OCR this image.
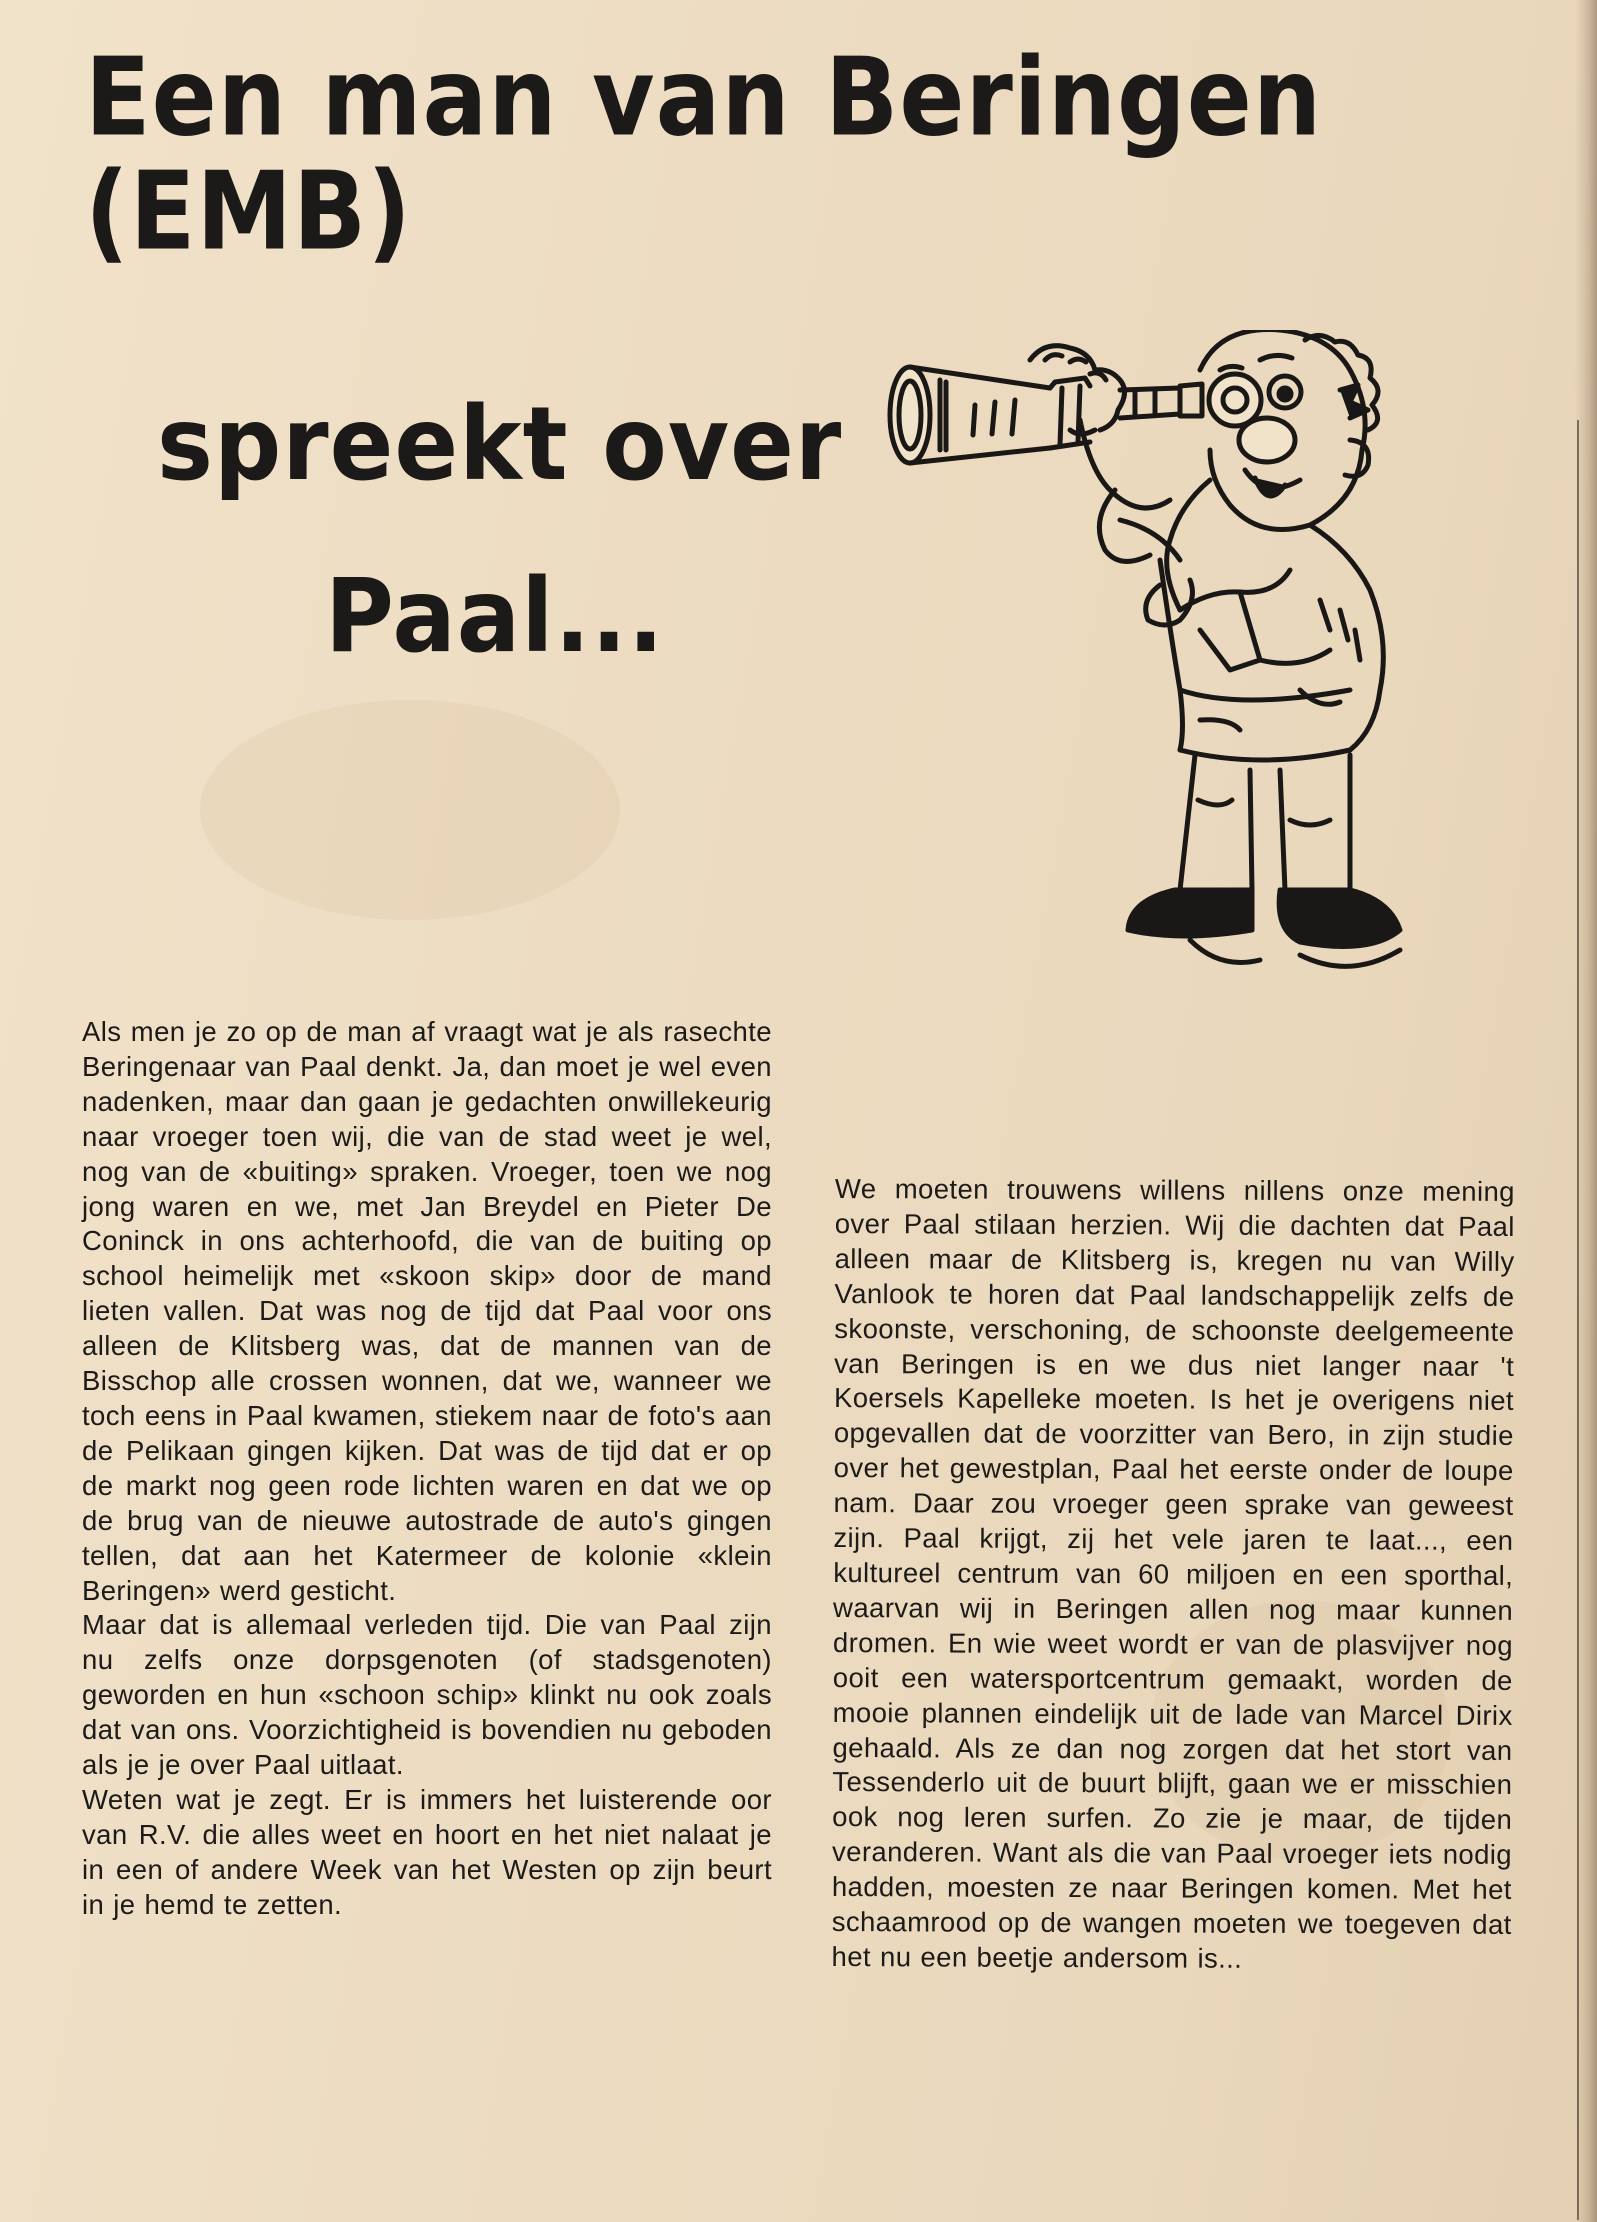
Een man van Beringen
(EMB)
spreekt over
Paal...

Als men je zo op de man af vraagt wat je als rasechte Beringenaar van Paal denkt. Ja, dan moet je wel even nadenken, maar dan gaan je gedachten onwillekeurig naar vroeger toen wij, die van de stad weet je wel, nog van de «buiting» spraken. Vroeger, toen we nog jong waren en we, met Jan Breydel en Pieter De Coninck in ons achterhoofd, die van de buiting op school heimelijk met «skoon skip» door de mand lieten vallen. Dat was nog de tijd dat Paal voor ons alleen de Klitsberg was, dat de mannen van de Bisschop alle crossen wonnen, dat we, wanneer we toch eens in Paal kwamen, stiekem naar de foto's aan de Pelikaan gingen kijken. Dat was de tijd dat er op de markt nog geen rode lichten waren en dat we op de brug van de nieuwe autostrade de auto's gingen tellen, dat aan het Katermeer de kolonie «klein Beringen» werd gesticht.

Maar dat is allemaal verleden tijd. Die van Paal zijn nu zelfs onze dorpsgenoten (of stadsgenoten) geworden en hun «schoon schip» klinkt nu ook zoals dat van ons. Voorzichtigheid is bovendien nu geboden als je je over Paal uitlaat.

Weten wat je zegt. Er is immers het luisterende oor van R.V. die alles weet en hoort en het niet nalaat je in een of andere Week van het Westen op zijn beurt in je hemd te zetten.

We moeten trouwens willens nillens onze mening over Paal stilaan herzien. Wij die dachten dat Paal alleen maar de Klitsberg is, kregen nu van Willy Vanlook te horen dat Paal landschappelijk zelfs de skoonste, verschoning, de schoonste deelgemeente van Beringen is en we dus niet langer naar 't Koersels Kapelleke moeten. Is het je overigens niet opgevallen dat de voorzitter van Bero, in zijn studie over het gewestplan, Paal het eerste onder de loupe nam. Daar zou vroeger geen sprake van geweest zijn. Paal krijgt, zij het vele jaren te laat..., een kultureel centrum van 60 miljoen en een sporthal, waarvan wij in Beringen allen nog maar kunnen dromen. En wie weet wordt er van de plasvijver nog ooit een watersportcentrum gemaakt, worden de mooie plannen eindelijk uit de lade van Marcel Dirix gehaald. Als ze dan nog zorgen dat het stort van Tessenderlo uit de buurt blijft, gaan we er misschien ook nog leren surfen. Zo zie je maar, de tijden veranderen. Want als die van Paal vroeger iets nodig hadden, moesten ze naar Beringen komen. Met het schaamrood op de wangen moeten we toegeven dat het nu een beetje andersom is...
